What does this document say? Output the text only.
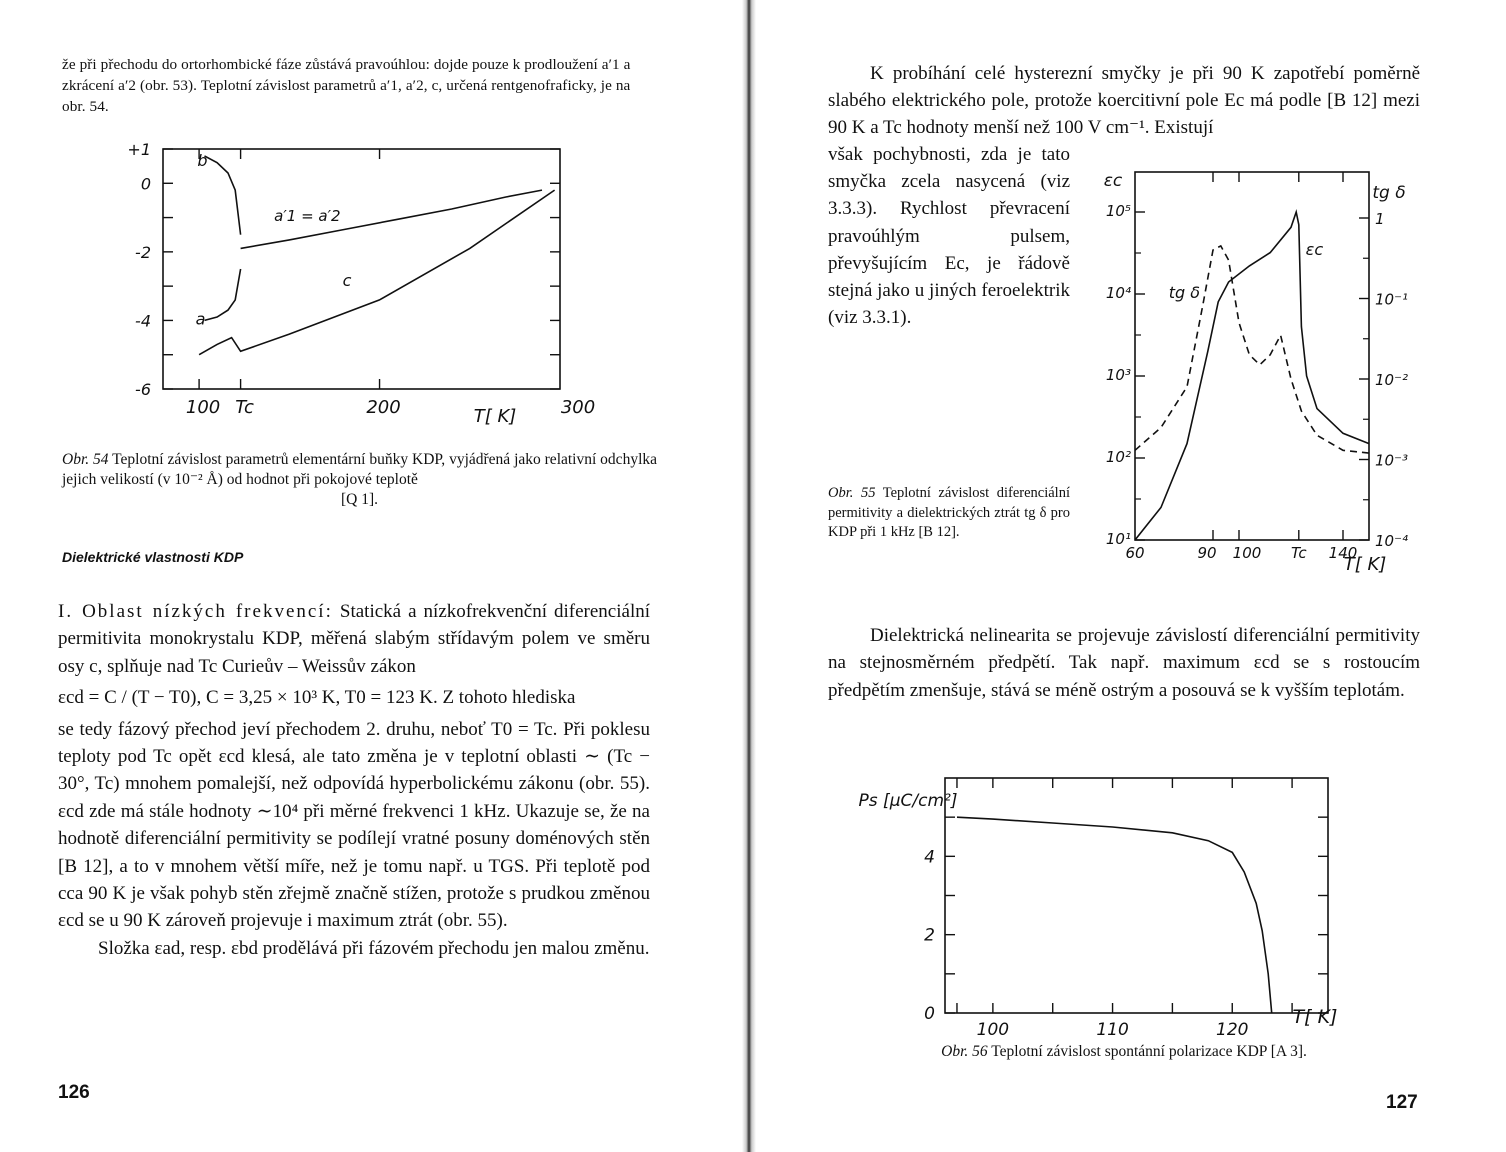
že při přechodu do ortorhombické fáze zůstává pravoúhlou: dojde pouze k prodloužení a′1 a zkrácení a′2 (obr. 53). Teplotní závislost parametrů a′1, a′2, c, určená rentgenofraficky, je na obr. 54.

+1
0
-2
-4
-6
100 Tc	200	300
T[ K]
b
a
a′1 = a′2
c

Obr. 54 Teplotní závislost parametrů elementární buňky KDP, vyjádřená jako relativní odchylka jejich velikostí (v 10⁻² Å) od hodnot při pokojové teplotě
[Q 1].

Dielektrické vlastnosti KDP

I. Oblast nízkých frekvencí: Statická a nízkofrekvenční diferenciální permitivita monokrystalu KDP, měřená slabým střídavým polem ve směru osy c, splňuje nad Tc Curieův – Weissův zákon
εcd = C / (T − T0), C = 3,25 × 10³ K, T0 = 123 K. Z tohoto hlediska
se tedy fázový přechod jeví přechodem 2. druhu, neboť T0 = Tc. Při poklesu teploty pod Tc opět εcd klesá, ale tato změna je v teplotní oblasti ∼ (Tc − 30°, Tc) mnohem pomalejší, než odpovídá hyperbolickému zákonu (obr. 55). εcd zde má stále hodnoty ∼10⁴ při měrné frekvenci 1 kHz. Ukazuje se, že na hodnotě diferenciální permitivity se podílejí vratné posuny doménových stěn [B 12], a to v mnohem větší míře, než je tomu např. u TGS. Při teplotě pod cca 90 K je však pohyb stěn zřejmě značně stížen, protože s prudkou změnou εcd se u 90 K zároveň projevuje i maximum ztrát (obr. 55).
Složka εad, resp. εbd prodělává při fázovém přechodu jen malou změnu.
126

K probíhání celé hysterezní smyčky je při 90 K zapotřebí poměrně slabého elektrického pole, protože koercitivní pole Ec má podle [B 12] mezi 90 K a Tc hodnoty menší než 100 V cm⁻¹. Existují

však pochybnosti, zda je tato smyčka zcela nasycená (viz 3.3.3). Rychlost převracení pravoúhlým pulsem, převyšujícím Ec, je řádově stejná jako u jiných feroelektrik (viz 3.3.1).

10¹
10²
10³
10⁴
10⁵
10⁻⁴
10⁻³
10⁻²
10⁻¹
1
60	90 100 Tc 140
T[ K]
εc
tg δ
εc
tg δ

Obr. 55 Teplotní závislost diferenciální permitivity a dielektrických ztrát tg δ pro KDP při 1 kHz [B 12].

Dielektrická nelinearita se projevuje závislostí diferenciální permitivity na stejnosměrném předpětí. Tak např. maximum εcd se s rostoucím předpětím zmenšuje, stává se méně ostrým a posouvá se k vyšším teplotám.

0
2
4
100	110	120
T[ K]
Ps [μC/cm²]

Obr. 56 Teplotní závislost spontánní polarizace KDP [A 3].

127
